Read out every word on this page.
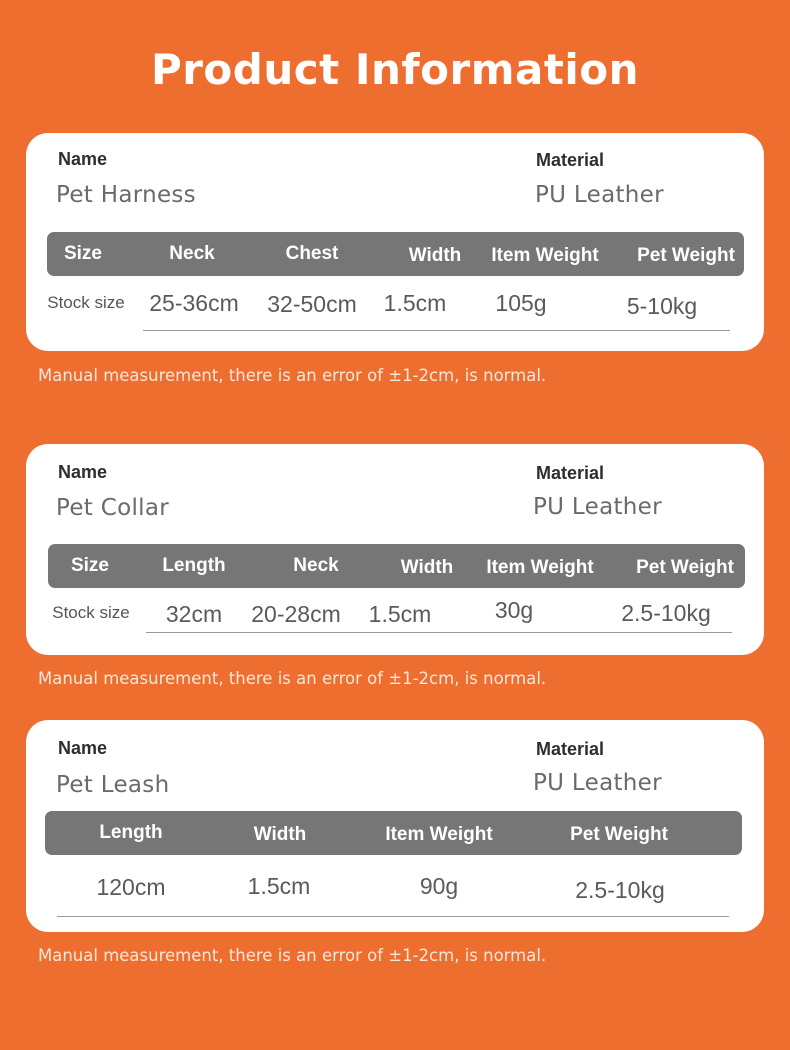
Product Information
Name
Pet Harness
Material
PU Leather
Size	Neck	Chest	Width	Item Weight	Pet Weight
Stock size	25-36cm	32-50cm	1.5cm	105g	5-10kg
Manual measurement, there is an error of ±1-2cm, is normal.
Name
Pet Collar
Material
PU Leather
Size	Length	Neck	Width	Item Weight	Pet Weight
Stock size	32cm	20-28cm	1.5cm	30g	2.5-10kg
Manual measurement, there is an error of ±1-2cm, is normal.
Name
Pet Leash
Material
PU Leather
Length	Width	Item Weight	Pet Weight
120cm	1.5cm	90g	2.5-10kg
Manual measurement, there is an error of ±1-2cm, is normal.
